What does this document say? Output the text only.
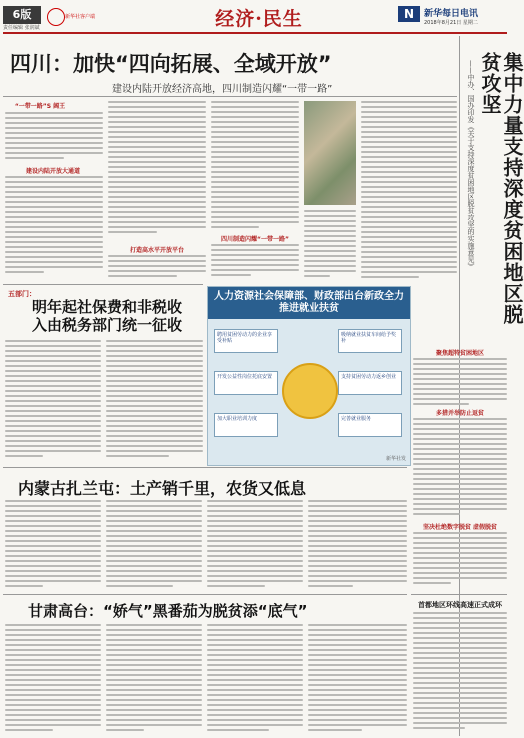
6版
责任编辑 张润斌
新华社客户端	经济·民生	N	新华每日电讯
2018年8月21日 星期二
四川：加快“四向拓展、全域开放”
建设内陆开放经济高地，四川制造闪耀“一带一路”
“一带一路”S 阔王
建设内陆开放大通道
打造高水平开放平台
四川制造闪耀“一带一路”	集中力量支持深度贫困地区脱贫攻坚
——中办、国办印发《关于支持深度贫困地区脱贫攻坚的实施意见》
聚焦超特贫困地区
五部门：
明年起社保费和非税收入由税务部门统一征收
人力资源社会保障部、财政部出台新政全力推进就业扶贫
聘用贫困劳动力的企业享受补贴
吸纳就业扶贫车间给予奖补
开发公益性岗位托底安置	支持贫困劳动力返乡创业
加大职业培训力度	完善就业服务
新华社发
多措并举防止返贫
坚决杜绝数字脱贫 虚假脱贫
首都地区环线高速正式成环
内蒙古扎兰屯：土产销千里，农货又低息
甘肃高台：“娇气”黑番茄为脱贫添“底气”
